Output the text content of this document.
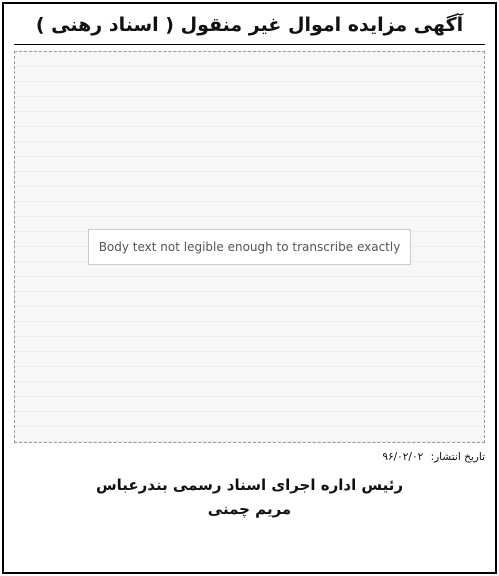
آگهی مزایده اموال غیر منقول ( اسناد رهنی )
Body text not legible enough to transcribe exactly
تاریخ انتشار: ۹۶/۰۲/۰۲
رئیس اداره اجرای اسناد رسمی بندرعباس
مریم چمنی
